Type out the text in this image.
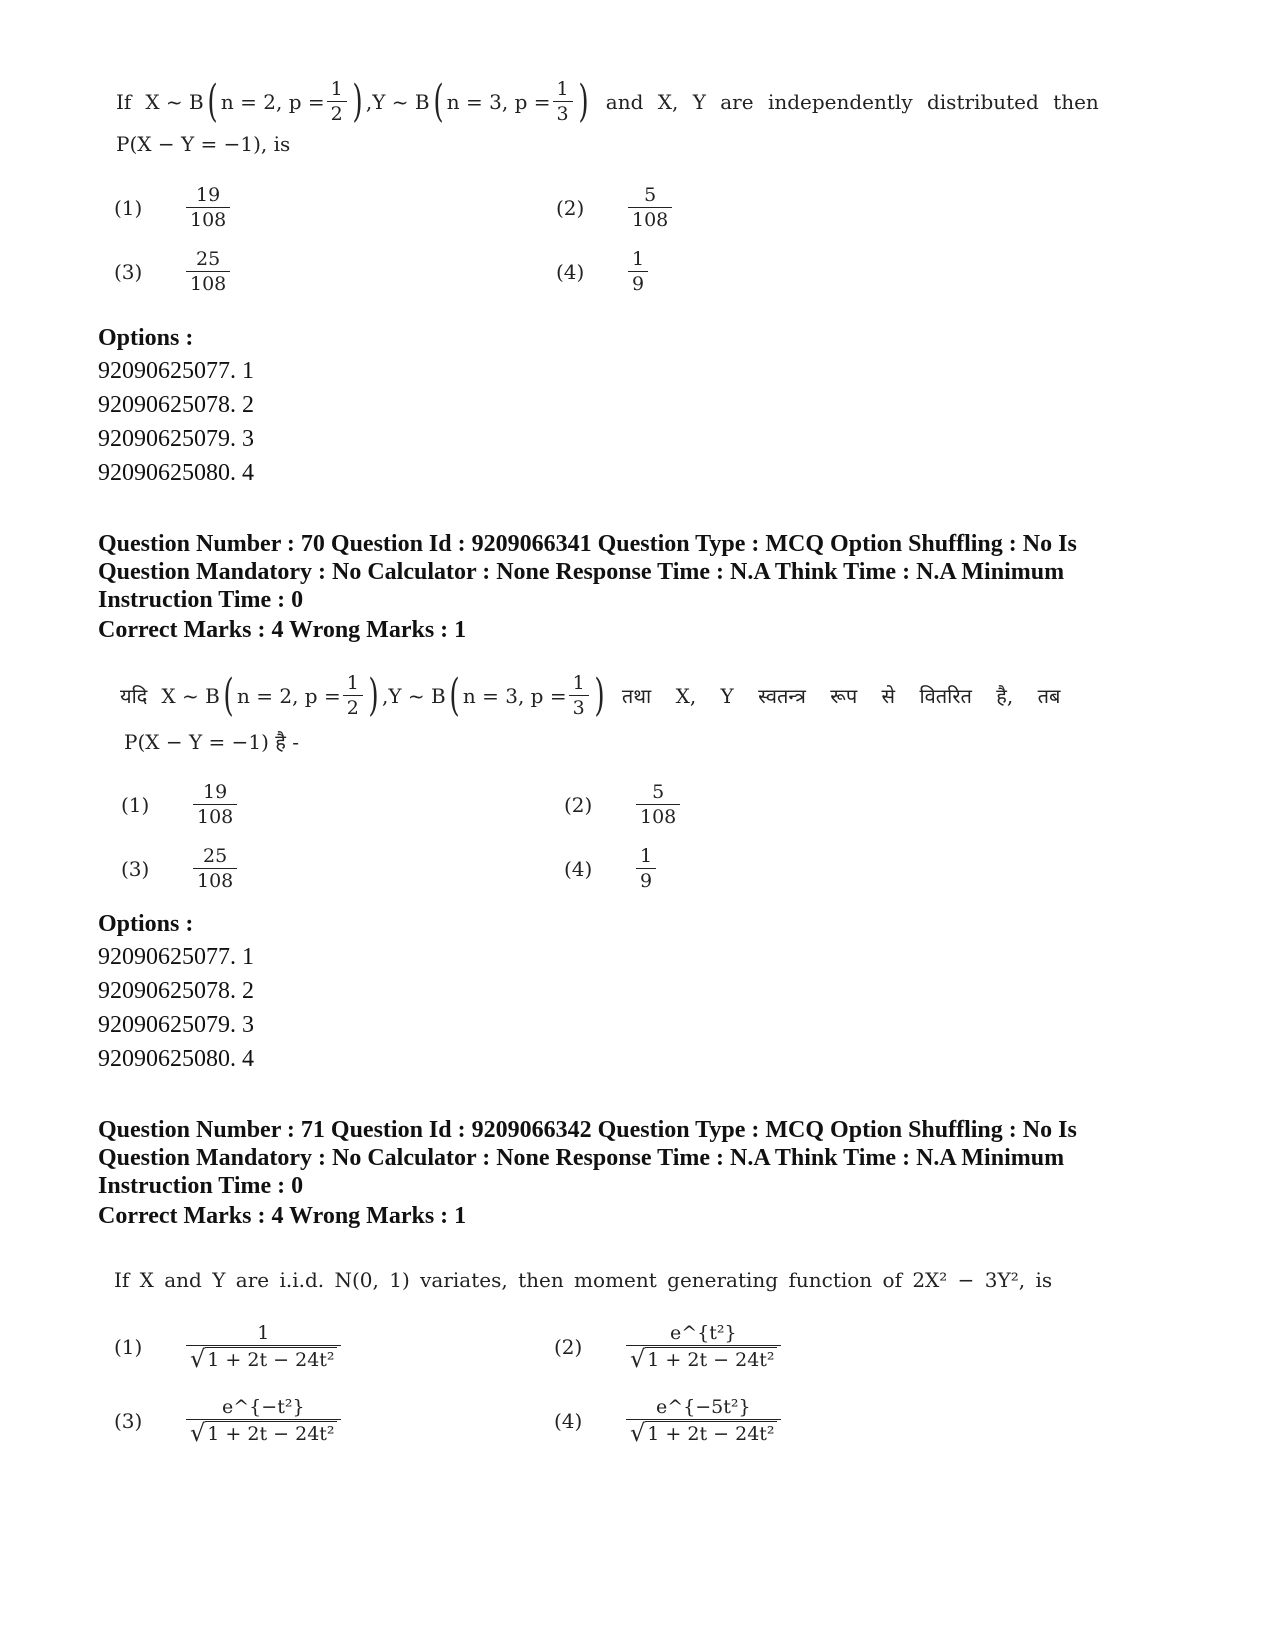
If X ~ B ( n = 2, $p = \frac{1}{2}$ ) , Y ~ B ( n = 3, $p = \frac{1}{3}$ ) and X, Y are independently distributed then
P(X − Y = −1), is
(1)	$\frac{19}{108}$	(2)	$\frac{5}{108}$
(3)	$\frac{25}{108}$	(4)	$\frac{1}{9}$
Options :
92090625077. 1
92090625078. 2
92090625079. 3
92090625080. 4
Question Number : 70 Question Id : 9209066341 Question Type : MCQ Option Shuffling : No Is
Question Mandatory : No Calculator : None Response Time : N.A Think Time : N.A Minimum
Instruction Time : 0
Correct Marks : 4 Wrong Marks : 1
यदि X ~ B ( n = 2, $p = \frac{1}{2}$ ) , Y ~ B ( n = 3, $p = \frac{1}{3}$ ) तथा X, Y स्वतन्त्र रूप से वितरित है, तब
P(X − Y = −1) है -
(1)	$\frac{19}{108}$	(2)	$\frac{5}{108}$
(3)	$\frac{25}{108}$	(4)	$\frac{1}{9}$
Options :
92090625077. 1
92090625078. 2
92090625079. 3
92090625080. 4
Question Number : 71 Question Id : 9209066342 Question Type : MCQ Option Shuffling : No Is
Question Mandatory : No Calculator : None Response Time : N.A Think Time : N.A Minimum
Instruction Time : 0
Correct Marks : 4 Wrong Marks : 1
If X and Y are i.i.d. N(0, 1) variates, then moment generating function of 2X² − 3Y², is
(1)	$\frac{1}{\text{√ 1 + 2t − 24t²}}$	(2)	$\frac{\text{e\textasciicircum{}\{t²\}}}{\text{√ 1 + 2t − 24t²}}$
(3)	$\frac{\text{e\textasciicircum{}\{−t²\}}}{\text{√ 1 + 2t − 24t²}}$	(4)	$\frac{\text{e\textasciicircum{}\{−5t²\}}}{\text{√ 1 + 2t − 24t²}}$
